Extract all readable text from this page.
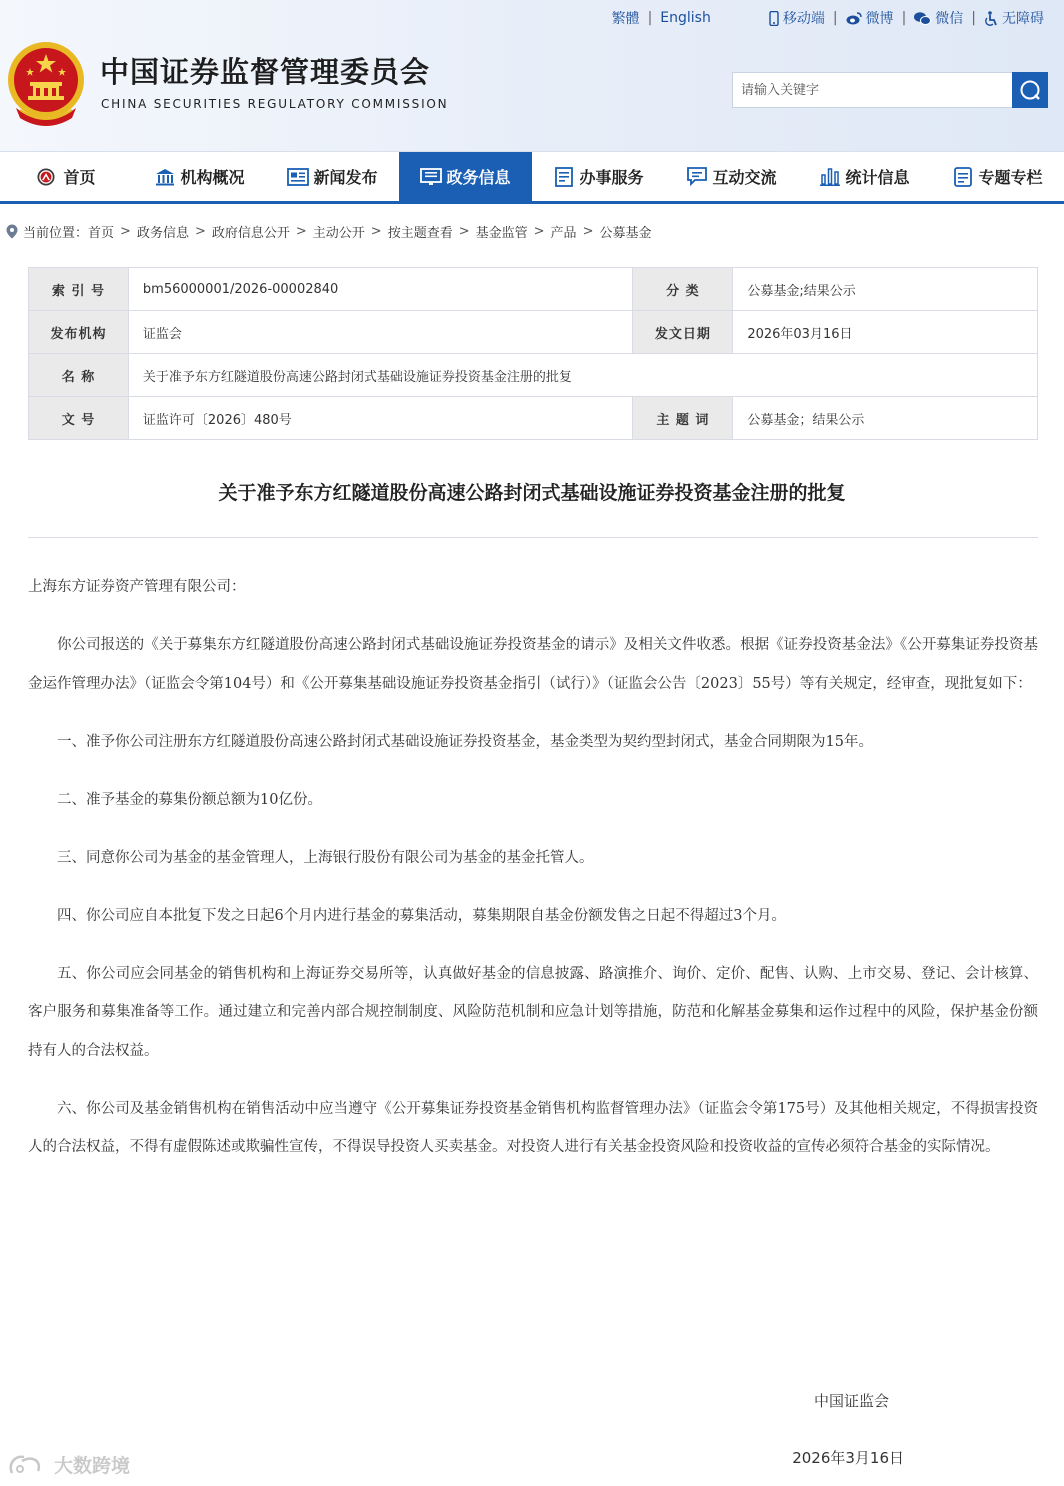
中国证券监督管理委员会
CHINA SECURITIES REGULATORY COMMISSION
繁體 | English	移动端 | 微博 | 微信 | 无障碍
请输入关键字
首页	机构概况	新闻发布	政务信息	办事服务	互动交流	统计信息	专题专栏
当前位置： 首页 > 政务信息 > 政府信息公开 > 主动公开 > 按主题查看 > 基金监管 > 产品 > 公募基金
索 引 号	bm56000001/2026-00002840	分 类	公募基金;结果公示
发布机构	证监会	发文日期	2026年03月16日
名 称	关于准予东方红隧道股份高速公路封闭式基础设施证券投资基金注册的批复		
文 号	证监许可〔2026〕480号	主 题 词	公募基金；结果公示
关于准予东方红隧道股份高速公路封闭式基础设施证券投资基金注册的批复

上海东方证券资产管理有限公司：

你公司报送的《关于募集东方红隧道股份高速公路封闭式基础设施证券投资基金的请示》及相关文件收悉。根据《证券投资基金法》《公开募集证券投资基金运作管理办法》（证监会令第104号）和《公开募集基础设施证券投资基金指引（试行）》（证监会公告〔2023〕55号）等有关规定，经审查，现批复如下：

一、准予你公司注册东方红隧道股份高速公路封闭式基础设施证券投资基金，基金类型为契约型封闭式，基金合同期限为15年。

二、准予基金的募集份额总额为10亿份。

三、同意你公司为基金的基金管理人，上海银行股份有限公司为基金的基金托管人。

四、你公司应自本批复下发之日起6个月内进行基金的募集活动，募集期限自基金份额发售之日起不得超过3个月。

五、你公司应会同基金的销售机构和上海证券交易所等，认真做好基金的信息披露、路演推介、询价、定价、配售、认购、上市交易、登记、会计核算、客户服务和募集准备等工作。通过建立和完善内部合规控制制度、风险防范机制和应急计划等措施，防范和化解基金募集和运作过程中的风险，保护基金份额持有人的合法权益。

六、你公司及基金销售机构在销售活动中应当遵守《公开募集证券投资基金销售机构监督管理办法》（证监会令第175号）及其他相关规定，不得损害投资人的合法权益，不得有虚假陈述或欺骗性宣传，不得误导投资人买卖基金。对投资人进行有关基金投资风险和投资收益的宣传必须符合基金的实际情况。

中国证监会
2026年3月16日
大数跨境
